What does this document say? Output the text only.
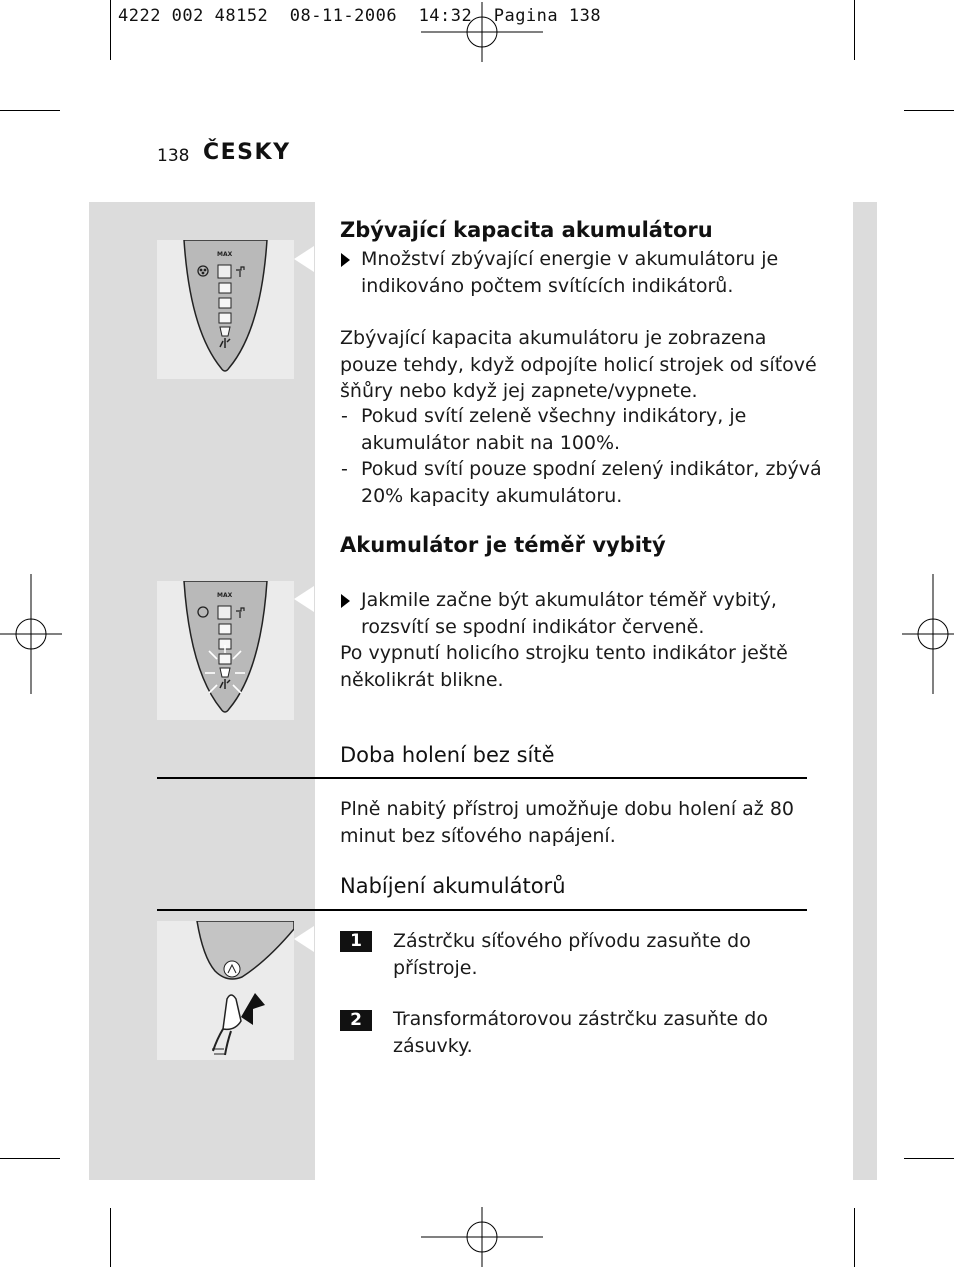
4222 002 48152  08-11-2006  14:32  Pagina 138
138 ČESKY
MAX
MAX
Zbývající kapacita akumulátoru
Množství zbývající energie v akumulátoru je
indikováno počtem svítících indikátorů.
Zbývající kapacita akumulátoru je zobrazena
pouze tehdy, když odpojíte holicí strojek od síťové
šňůry nebo když jej zapnete/vypnete.
- Pokud svítí zeleně všechny indikátory, je
akumulátor nabit na 100%.
- Pokud svítí pouze spodní zelený indikátor, zbývá
20% kapacity akumulátoru.
Akumulátor je téměř vybitý
Jakmile začne být akumulátor téměř vybitý,
rozsvítí se spodní indikátor červeně.
Po vypnutí holicího strojku tento indikátor ještě
několikrát blikne.
Doba holení bez sítě
Plně nabitý přístroj umožňuje dobu holení až 80
minut bez síťového napájení.
Nabíjení akumulátorů
1	Zástrčku síťového přívodu zasuňte do
přístroje.
2	Transformátorovou zástrčku zasuňte do
zásuvky.
